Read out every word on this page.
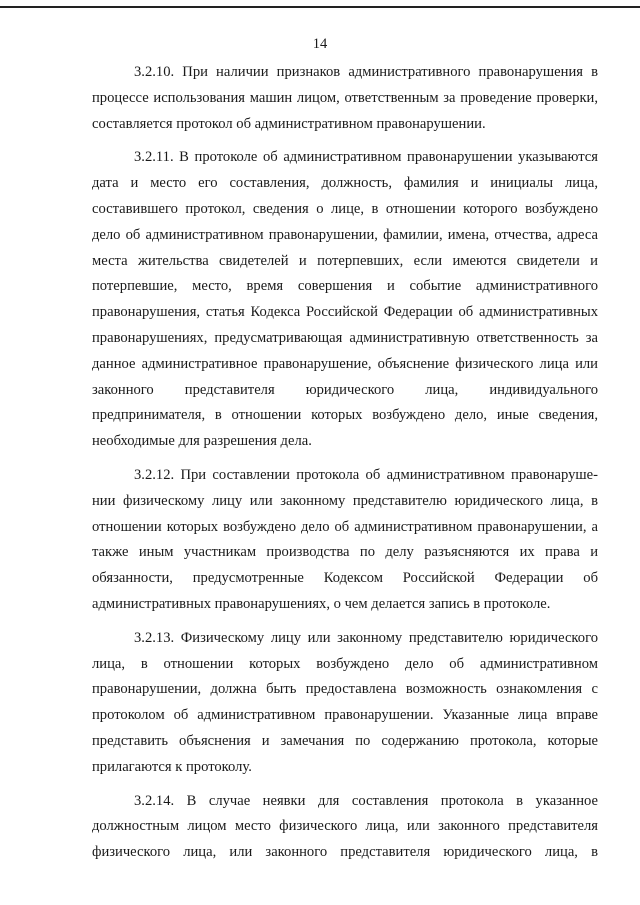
14
3.2.10. При наличии признаков административного правонарушения в
процессе использования машин лицом, ответственным за проведение проверки,
составляется протокол об административном правонарушении.
3.2.11. В протоколе об административном правонарушении указываются
дата и место его составления, должность, фамилия и инициалы лица,
составившего протокол, сведения о лице, в отношении которого возбуждено
дело об административном правонарушении, фамилии, имена, отчества, адреса
места жительства свидетелей и потерпевших, если имеются свидетели и
потерпевшие, место, время совершения и событие административного
правонарушения, статья Кодекса Российской Федерации об административных
правонарушениях, предусматривающая административную ответственность за
данное административное правонарушение, объяснение физического лица или
законного представителя юридического лица, индивидуального
предпринимателя, в отношении которых возбуждено дело, иные сведения,
необходимые для разрешения дела.
3.2.12. При составлении протокола об административном правонаруше-
нии физическому лицу или законному представителю юридического лица, в
отношении которых возбуждено дело об административном правонарушении, а
также иным участникам производства по делу разъясняются их права и
обязанности, предусмотренные Кодексом Российской Федерации об
административных правонарушениях, о чем делается запись в протоколе.
3.2.13. Физическому лицу или законному представителю юридического
лица, в отношении которых возбуждено дело об административном
правонарушении, должна быть предоставлена возможность ознакомления с
протоколом об административном правонарушении. Указанные лица вправе
представить объяснения и замечания по содержанию протокола, которые
прилагаются к протоколу.
3.2.14. В случае неявки для составления протокола в указанное
должностным лицом место физического лица, или законного представителя
физического лица, или законного представителя юридического лица, в
